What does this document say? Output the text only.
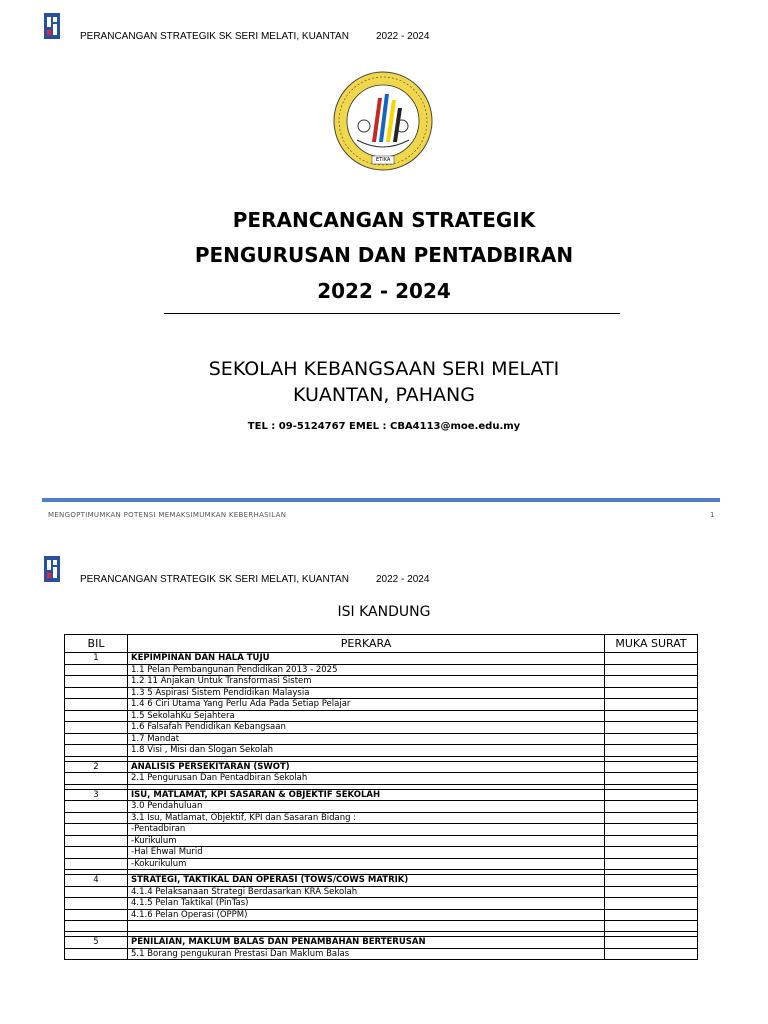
PERANCANGAN STRATEGIK SK SERI MELATI, KUANTAN	2022 - 2024
ETIKA
PERANCANGAN STRATEGIK
PENGURUSAN DAN PENTADBIRAN
2022 - 2024
SEKOLAH KEBANGSAAN SERI MELATI
KUANTAN, PAHANG
TEL : 09-5124767 EMEL : CBA4113@moe.edu.my
MENGOPTIMUMKAN POTENSI MEMAKSIMUMKAN KEBERHASILAN	1
PERANCANGAN STRATEGIK SK SERI MELATI, KUANTAN	2022 - 2024
ISI KANDUNG
BIL	PERKARA	MUKA SURAT
1	KEPIMPINAN DAN HALA TUJU	
	1.1 Pelan Pembangunan Pendidikan 2013 - 2025	
	1.2 11 Anjakan Untuk Transformasi Sistem	
	1.3 5 Aspirasi Sistem Pendidikan Malaysia	
	1.4 6 Ciri Utama Yang Perlu Ada Pada Setiap Pelajar	
	1.5 SekolahKu Sejahtera	
	1.6 Falsafah Pendidikan Kebangsaan	
	1.7 Mandat	
	1.8 Visi , Misi dan Slogan Sekolah	

2	ANALISIS PERSEKITARAN (SWOT)	
	2.1 Pengurusan Dan Pentadbiran Sekolah	

3	ISU, MATLAMAT, KPI SASARAN & OBJEKTIF SEKOLAH	
	3.0 Pendahuluan	
	3.1 Isu, Matlamat, Objektif, KPI dan Sasaran Bidang :	
	-Pentadbiran	
	-Kurikulum	
	-Hal Ehwal Murid	
	-Kokurikulum	

4	STRATEGI, TAKTIKAL DAN OPERASI (TOWS/COWS MATRIK)	
	4.1.4 Pelaksanaan Strategi Berdasarkan KRA Sekolah	
	4.1.5 Pelan Taktikal (PinTas)	
	4.1.6 Pelan Operasi (OPPM)	

5	PENILAIAN, MAKLUM BALAS DAN PENAMBAHAN BERTERUSAN	
	5.1 Borang pengukuran Prestasi Dan Maklum Balas	
